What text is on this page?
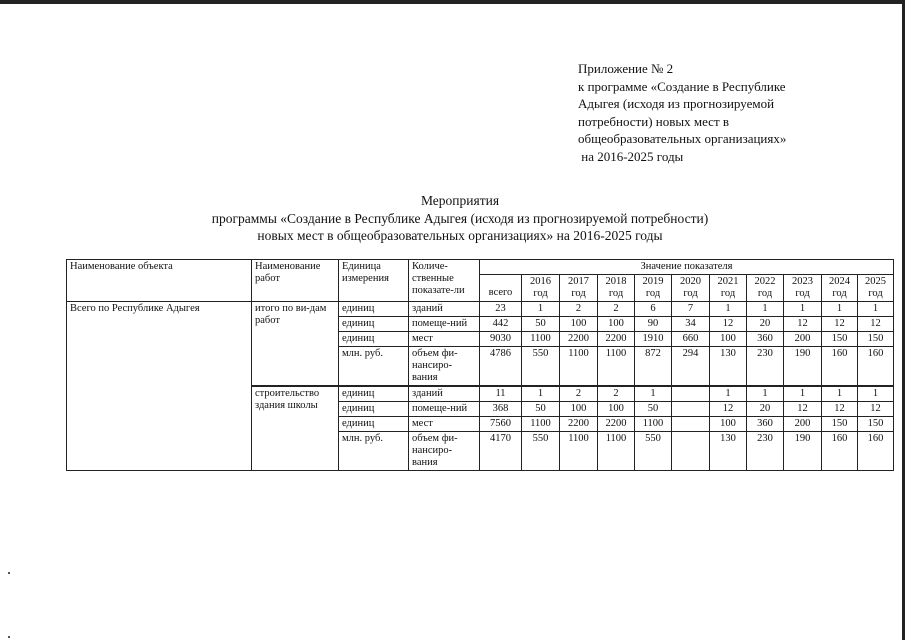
Приложение № 2
к программе «Создание в Республике
Адыгея (исходя из прогнозируемой
потребности) новых мест в
общеобразовательных организациях»
на 2016-2025 годы
Мероприятия
программы «Создание в Республике Адыгея (исходя из прогнозируемой потребности)
новых мест в общеобразовательных организациях» на 2016-2025 годы
Наименование объекта	Наименование работ	Единица измерения	Количе-ственные показате-ли	Значение показателя										
				всего	2016 год	2017 год	2018 год	2019 год	2020 год	2021 год	2022 год	2023 год	2024 год	2025 год
Всего по Республике Адыгея	итого по ви-дам работ	единиц	зданий	23	1	2	2	6	7	1	1	1	1	1
		единиц	помеще-ний	442	50	100	100	90	34	12	20	12	12	12
		единиц	мест	9030	1100	2200	2200	1910	660	100	360	200	150	150
		млн. руб.	объем фи-нансиро-вания	4786	550	1100	1100	872	294	130	230	190	160	160
	строительство здания школы	единиц	зданий	11	1	2	2	1		1	1	1	1	1
		единиц	помеще-ний	368	50	100	100	50		12	20	12	12	12
		единиц	мест	7560	1100	2200	2200	1100		100	360	200	150	150
		млн. руб.	объем фи-нансиро-вания	4170	550	1100	1100	550		130	230	190	160	160
